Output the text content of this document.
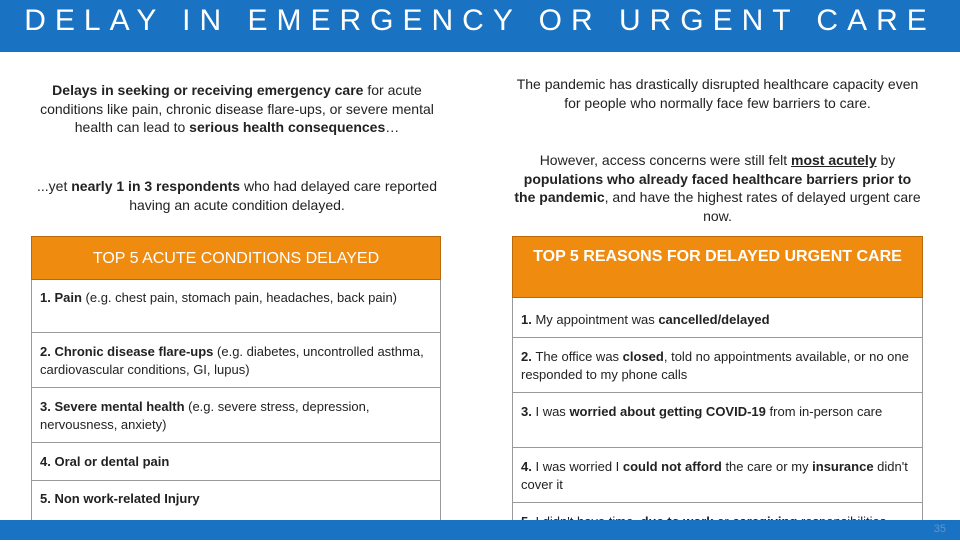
DELAY IN EMERGENCY OR URGENT CARE
Delays in seeking or receiving emergency care for acute conditions like pain, chronic disease flare-ups, or severe mental health can lead to serious health consequences…
...yet nearly 1 in 3 respondents who had delayed care reported having an acute condition delayed.
The pandemic has drastically disrupted healthcare capacity even for people who normally face few barriers to care.
However, access concerns were still felt most acutely by populations who already faced healthcare barriers prior to the pandemic, and have the highest rates of delayed urgent care now.
TOP 5 ACUTE CONDITIONS DELAYED
1. Pain (e.g. chest pain, stomach pain, headaches, back pain)
2. Chronic disease flare-ups (e.g. diabetes, uncontrolled asthma, cardiovascular conditions, GI, lupus)
3. Severe mental health (e.g. severe stress, depression, nervousness, anxiety)
4. Oral or dental pain
5. Non work-related Injury
TOP 5 REASONS FOR DELAYED URGENT CARE
1. My appointment was cancelled/delayed
2. The office was closed, told no appointments available, or no one responded to my phone calls
3. I was worried about getting COVID-19 from in-person care
4. I was worried I could not afford the care or my insurance didn't cover it
35
